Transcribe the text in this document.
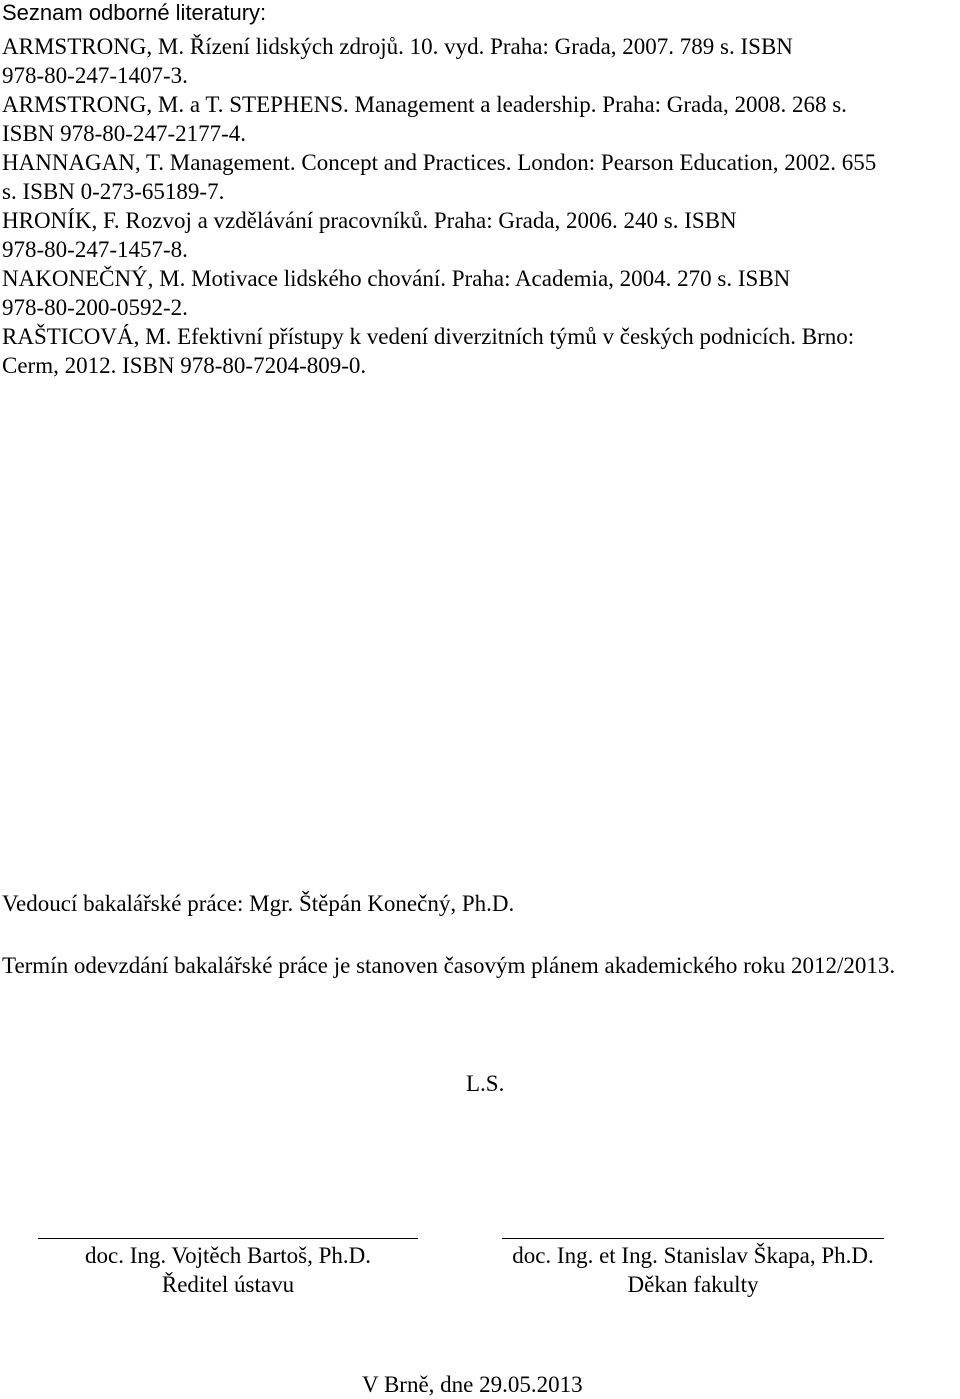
Seznam odborné literatury:
ARMSTRONG, M. Řízení lidských zdrojů. 10. vyd. Praha: Grada, 2007. 789 s. ISBN
978-80-247-1407-3.
ARMSTRONG, M. a T. STEPHENS. Management a leadership. Praha: Grada, 2008. 268 s.
ISBN 978-80-247-2177-4.
HANNAGAN, T. Management. Concept and Practices. London: Pearson Education, 2002. 655
s. ISBN 0-273-65189-7.
HRONÍK, F. Rozvoj a vzdělávání pracovníků. Praha: Grada, 2006. 240 s. ISBN
978-80-247-1457-8.
NAKONEČNÝ, M. Motivace lidského chování. Praha: Academia, 2004. 270 s. ISBN
978-80-200-0592-2.
RAŠTICOVÁ, M. Efektivní přístupy k vedení diverzitních týmů v českých podnicích. Brno:
Cerm, 2012. ISBN 978-80-7204-809-0.
Vedoucí bakalářské práce: Mgr. Štěpán Konečný, Ph.D.
Termín odevzdání bakalářské práce je stanoven časovým plánem akademického roku 2012/2013.
L.S.
doc. Ing. Vojtěch Bartoš, Ph.D.
Ředitel ústavu
doc. Ing. et Ing. Stanislav Škapa, Ph.D.
Děkan fakulty
V Brně, dne 29.05.2013
